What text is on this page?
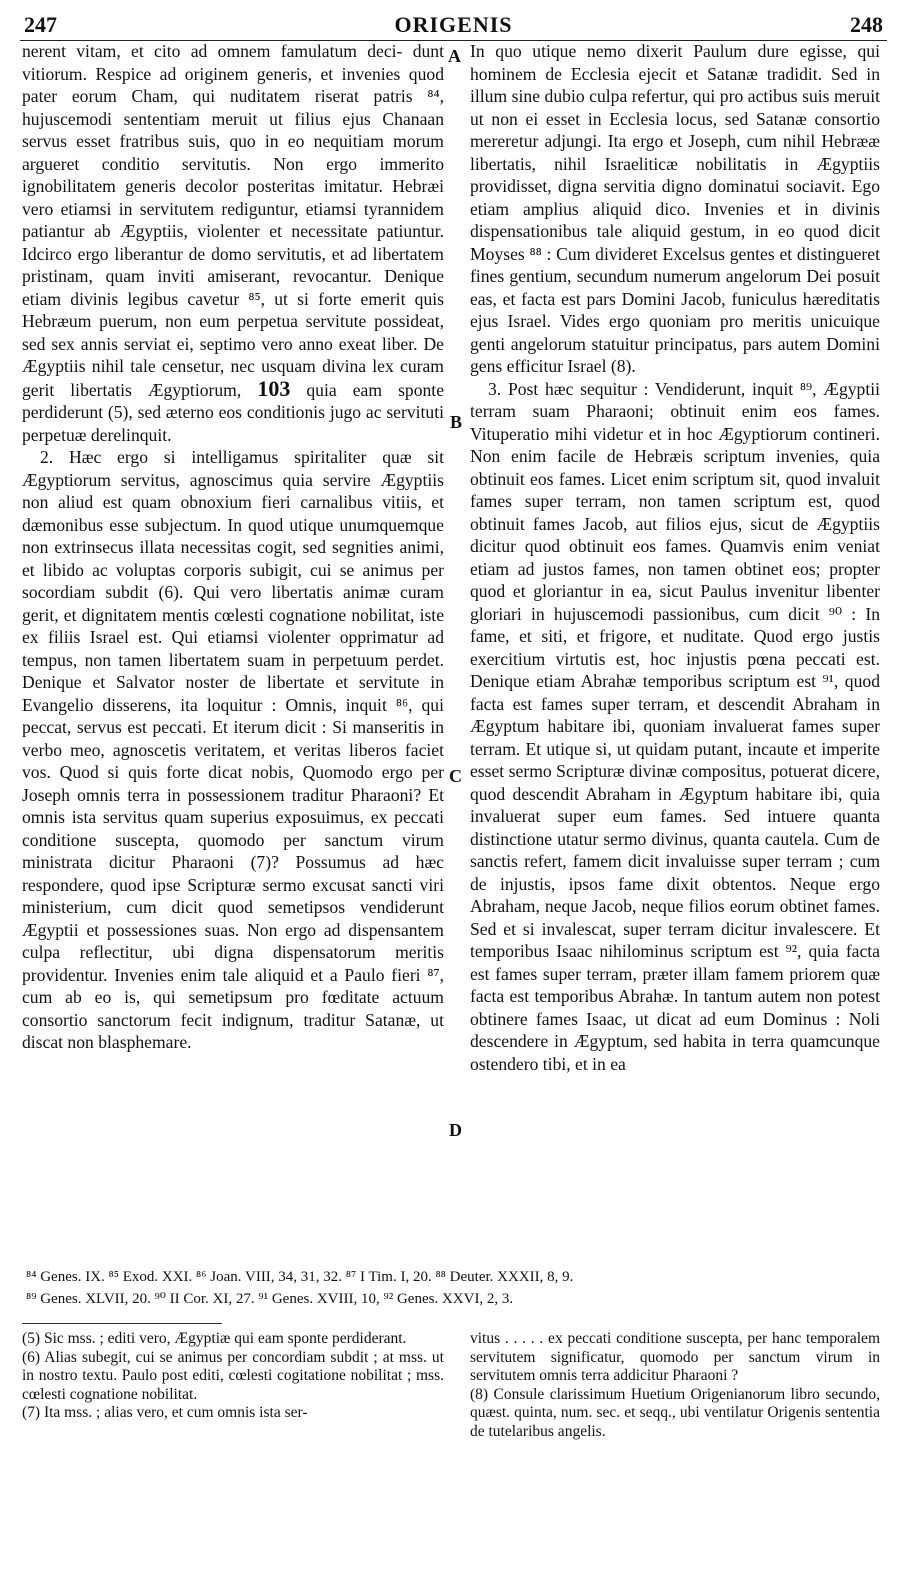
247	ORIGENIS	248
A
B
C
D

nerent vitam, et cito ad omnem famulatum deci- dunt vitiorum. Respice ad originem generis, et invenies quod pater eorum Cham, qui nuditatem riserat patris ⁸⁴, hujuscemodi sententiam meruit ut filius ejus Chanaan servus esset fratribus suis, quo in eo nequitiam morum argueret conditio servitutis. Non ergo immerito ignobilitatem generis decolor posteritas imitatur. Hebræi vero etiamsi in servitutem rediguntur, etiamsi tyrannidem patiantur ab Ægyptiis, violenter et necessitate patiuntur. Idcirco ergo liberantur de domo servitutis, et ad libertatem pristinam, quam inviti amiserant, revocantur. Denique etiam divinis legibus cavetur ⁸⁵, ut si forte emerit quis Hebræum puerum, non eum perpetua servitute possideat, sed sex annis serviat ei, septimo vero anno exeat liber. De Ægyptiis nihil tale censetur, nec usquam divina lex curam gerit libertatis Ægyptiorum, 103 quia eam sponte perdiderunt (5), sed æterno eos conditionis jugo ac servituti perpetuæ derelinquit.

2. Hæc ergo si intelligamus spiritaliter quæ sit Ægyptiorum servitus, agnoscimus quia servire Ægyptiis non aliud est quam obnoxium fieri carnalibus vitiis, et dæmonibus esse subjectum. In quod utique unumquemque non extrinsecus illata necessitas cogit, sed segnities animi, et libido ac voluptas corporis subigit, cui se animus per socordiam subdit (6). Qui vero libertatis animæ curam gerit, et dignitatem mentis cœlesti cognatione nobilitat, iste ex filiis Israel est. Qui etiamsi violenter opprimatur ad tempus, non tamen libertatem suam in perpetuum perdet. Denique et Salvator noster de libertate et servitute in Evangelio disserens, ita loquitur : Omnis, inquit ⁸⁶, qui peccat, servus est peccati. Et iterum dicit : Si manseritis in verbo meo, agnoscetis veritatem, et veritas liberos faciet vos. Quod si quis forte dicat nobis, Quomodo ergo per Joseph omnis terra in possessionem traditur Pharaoni? Et omnis ista servitus quam superius exposuimus, ex peccati conditione suscepta, quomodo per sanctum virum ministrata dicitur Pharaoni (7)? Possumus ad hæc respondere, quod ipse Scripturæ sermo excusat sancti viri ministerium, cum dicit quod semetipsos vendiderunt Ægyptii et possessiones suas. Non ergo ad dispensantem culpa reflectitur, ubi digna dispensatorum meritis providentur. Invenies enim tale aliquid et a Paulo fieri ⁸⁷, cum ab eo is, qui semetipsum pro fœditate actuum consortio sanctorum fecit indignum, traditur Satanæ, ut discat non blasphemare.

In quo utique nemo dixerit Paulum dure egisse, qui hominem de Ecclesia ejecit et Satanæ tradidit. Sed in illum sine dubio culpa refertur, qui pro actibus suis meruit ut non ei esset in Ecclesia locus, sed Satanæ consortio mereretur adjungi. Ita ergo et Joseph, cum nihil Hebrææ libertatis, nihil Israeliticæ nobilitatis in Ægyptiis providisset, digna servitia digno dominatui sociavit. Ego etiam amplius aliquid dico. Invenies et in divinis dispensationibus tale aliquid gestum, in eo quod dicit Moyses ⁸⁸ : Cum divideret Excelsus gentes et distingueret fines gentium, secundum numerum angelorum Dei posuit eas, et facta est pars Domini Jacob, funiculus hæreditatis ejus Israel. Vides ergo quoniam pro meritis unicuique genti angelorum statuitur principatus, pars autem Domini gens efficitur Israel (8).

3. Post hæc sequitur : Vendiderunt, inquit ⁸⁹, Ægyptii terram suam Pharaoni; obtinuit enim eos fames. Vituperatio mihi videtur et in hoc Ægyptiorum contineri. Non enim facile de Hebræis scriptum invenies, quia obtinuit eos fames. Licet enim scriptum sit, quod invaluit fames super terram, non tamen scriptum est, quod obtinuit fames Jacob, aut filios ejus, sicut de Ægyptiis dicitur quod obtinuit eos fames. Quamvis enim veniat etiam ad justos fames, non tamen obtinet eos; propter quod et gloriantur in ea, sicut Paulus invenitur libenter gloriari in hujuscemodi passionibus, cum dicit ⁹⁰ : In fame, et siti, et frigore, et nuditate. Quod ergo justis exercitium virtutis est, hoc injustis pœna peccati est. Denique etiam Abrahæ temporibus scriptum est ⁹¹, quod facta est fames super terram, et descendit Abraham in Ægyptum habitare ibi, quoniam invaluerat fames super terram. Et utique si, ut quidam putant, incaute et imperite esset sermo Scripturæ divinæ compositus, potuerat dicere, quod descendit Abraham in Ægyptum habitare ibi, quia invaluerat super eum fames. Sed intuere quanta distinctione utatur sermo divinus, quanta cautela. Cum de sanctis refert, famem dicit invaluisse super terram ; cum de injustis, ipsos fame dixit obtentos. Neque ergo Abraham, neque Jacob, neque filios eorum obtinet fames. Sed et si invalescat, super terram dicitur invalescere. Et temporibus Isaac nihilominus scriptum est ⁹², quia facta est fames super terram, præter illam famem priorem quæ facta est temporibus Abrahæ. In tantum autem non potest obtinere fames Isaac, ut dicat ad eum Dominus : Noli descendere in Ægyptum, sed habita in terra quamcunque ostendero tibi, et in ea

⁸⁴ Genes. IX. ⁸⁵ Exod. XXI. ⁸⁶ Joan. VIII, 34, 31, 32. ⁸⁷ I Tim. I, 20. ⁸⁸ Deuter. XXXII, 8, 9.
⁸⁹ Genes. XLVII, 20. ⁹⁰ II Cor. XI, 27. ⁹¹ Genes. XVIII, 10, ⁹² Genes. XXVI, 2, 3.

(5) Sic mss. ; editi vero, Ægyptiæ qui eam sponte perdiderant.

(6) Alias subegit, cui se animus per concordiam subdit ; at mss. ut in nostro textu. Paulo post editi, cœlesti cogitatione nobilitat ; mss. cœlesti cognatione nobilitat.

(7) Ita mss. ; alias vero, et cum omnis ista ser-

vitus . . . . . ex peccati conditione suscepta, per hanc temporalem servitutem significatur, quomodo per sanctum virum in servitutem omnis terra addicitur Pharaoni ?

(8) Consule clarissimum Huetium Origenianorum libro secundo, quæst. quinta, num. sec. et seqq., ubi ventilatur Origenis sententia de tutelaribus angelis.
